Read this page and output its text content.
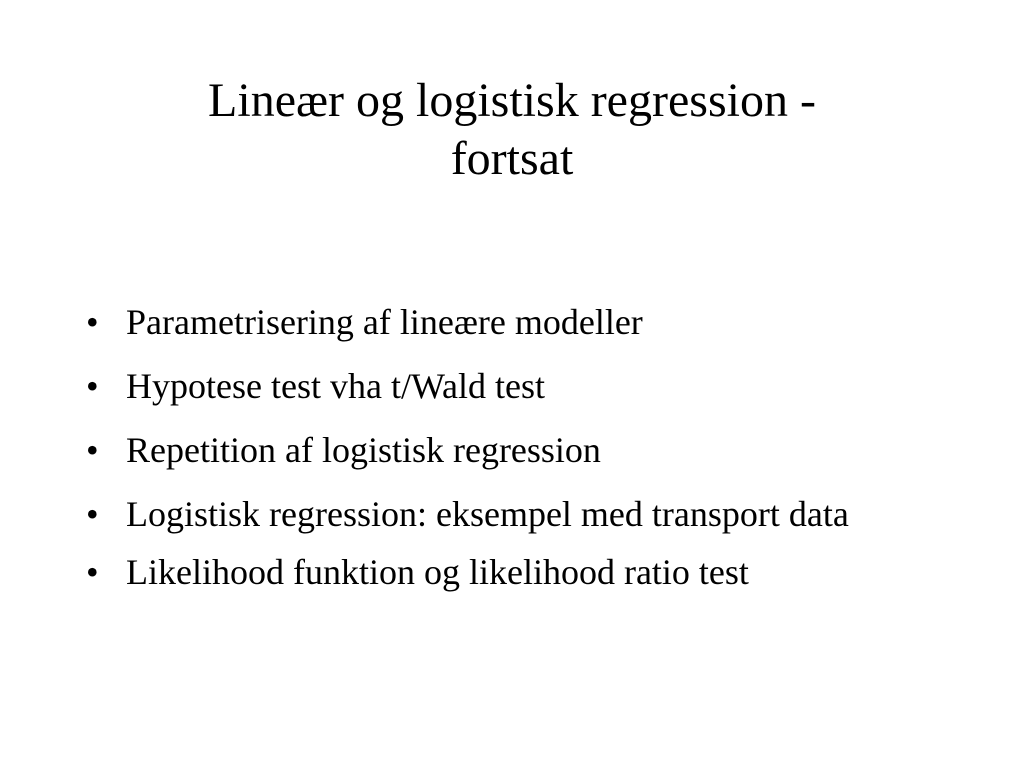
Lineær og logistisk regression -
fortsat
• Parametrisering af lineære modeller
• Hypotese test vha t/Wald test
• Repetition af logistisk regression
• Logistisk regression: eksempel med transport data
• Likelihood funktion og likelihood ratio test
